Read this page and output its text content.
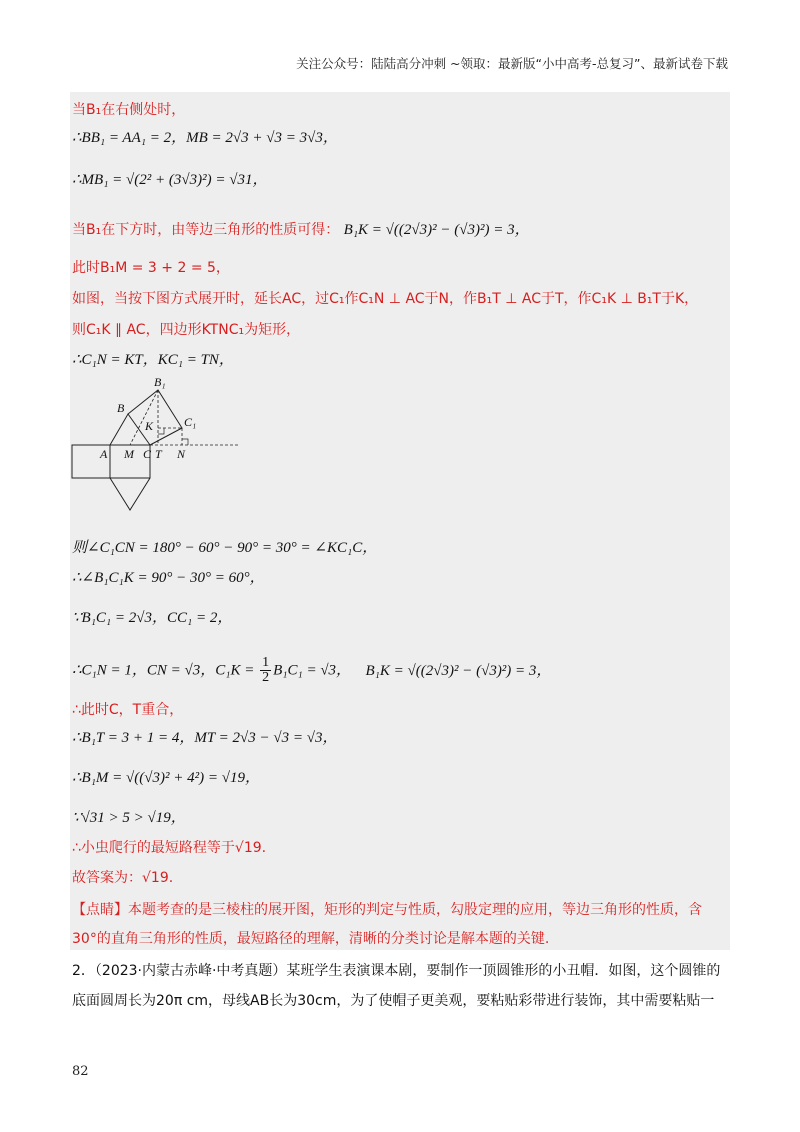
关注公众号：陆陆高分冲刺 ~领取：最新版“小中高考-总复习”、最新试卷下载
当B₁在右侧处时，
∴BB₁ = AA₁ = 2，MB = 2√3 + √3 = 3√3，
∴MB₁ = √(2² + (3√3)²) = √31，
当B₁在下方时，由等边三角形的性质可得： B₁K = √((2√3)² − (√3)²) = 3，
此时B₁M = 3 + 2 = 5，
如图，当按下图方式展开时，延长AC，过C₁作C₁N ⊥ AC于N，作B₁T ⊥ AC于T，作C₁K ⊥ B₁T于K，
则C₁K ∥ AC，四边形KTNC₁为矩形，
∴C₁N = KT，KC₁ = TN，
B₁
B
K	C₁
A M C T N
则∠C₁CN = 180° − 60° − 90° = 30° = ∠KC₁C，
∴∠B₁C₁K = 90° − 30° = 60°，
∵B₁C₁ = 2√3，CC₁ = 2，
∴C₁N = 1，CN = √3，$C_1K = \frac{1}{2} B_1C_1 = √3$， B₁K = √((2√3)² − (√3)²) = 3，
∴此时C，T重合，
∴B₁T = 3 + 1 = 4，MT = 2√3 − √3 = √3，
∴B₁M = √((√3)² + 4²) = √19，
∵√31 > 5 > √19，
∴小虫爬行的最短路程等于√19.
故答案为：√19.
【点睛】本题考查的是三棱柱的展开图，矩形的判定与性质，勾股定理的应用，等边三角形的性质，含
30°的直角三角形的性质，最短路径的理解，清晰的分类讨论是解本题的关键.
2．（2023·内蒙古赤峰·中考真题）某班学生表演课本剧，要制作一顶圆锥形的小丑帽．如图，这个圆锥的
底面圆周长为20π cm，母线AB长为30cm，为了使帽子更美观，要粘贴彩带进行装饰，其中需要粘贴一
82
